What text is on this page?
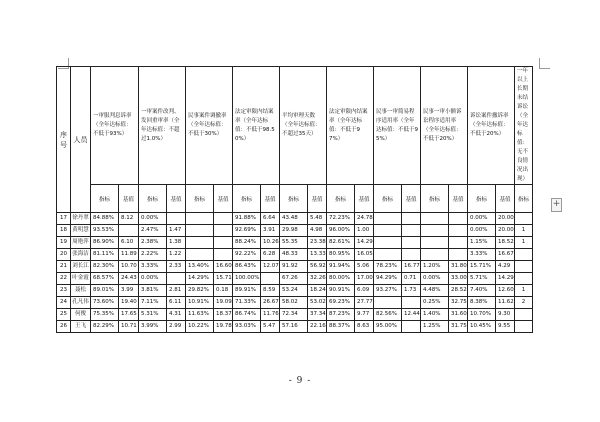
序号	人员	一审服判息诉率（全年达标值：不低于93%）		一审案件改判、发回重审率（全年达标值：不超过1.0%）		民事案件调撤率（全年达标值：不低于30%）		法定审限内结案率（全年达标值：不低于98.50%）		平均审理天数（全年达标值：不超过35天）		法定审限内结案率（全年达标值：不低于97%）		民事一审简易程序适用率（全年达标值：不低于95%）		民事一审小额诉讼程序适用率（全年达标值：不低于20%）		诉讼案件撤诉率（全年达标值：不低于20%）		一年以上长期未结诉讼（全年达标值：无不良情况出现）
		指标	基值	指标	基值	指标	基值	指标	基值	指标	基值	指标	基值	指标	基值	指标	基值	指标	基值	指标
17	徐丹翠	84.88%	8.12	0.00%				91.88%	6.64	43.48	5.48	72.23%	24.78					0.00%	20.00	
18	黄明慧	93.53%		2.47%	1.47			92.69%	3.91	29.98	4.98	96.00%	1.00					0.00%	20.00	1
19	周艳萍	86.90%	6.10	2.38%	1.38			88.24%	10.26	55.35	23.38	82.61%	14.29					1.15%	18.52	1
20	张海洁	81.11%	11.89	2.22%	1.22			92.22%	6.28	48.33	13.33	80.95%	16.05					3.33%	16.67	
21	刘长江	82.30%	10.70	3.33%	2.33	13.40%	16.60	86.43%	12.07	91.92	56.92	91.94%	5.06	78.23%	16.77	1.20%	31.80	15.71%	4.29	
22	叶金霞	68.57%	24.43	0.00%		14.29%	15.71	100.00%		67.26	32.26	80.00%	17.00	94.29%	0.71	0.00%	33.00	5.71%	14.29	
23	聂松	89.01%	3.99	3.81%	2.81	29.82%	0.18	89.91%	8.59	53.24	18.24	90.91%	6.09	93.27%	1.73	4.48%	28.52	7.40%	12.60	1
24	孔凡伟	73.60%	19.40	7.11%	6.11	10.91%	19.09	71.33%	26.67	58.02	53.02	69.23%	27.77			0.25%	32.75	8.38%	11.62	2
25	何俊	75.35%	17.65	5.31%	4.31	11.63%	18.37	86.74%	11.76	72.34	37.34	87.23%	9.77	82.56%	12.44	1.40%	31.60	10.70%	9.30	
26	王飞	82.29%	10.71	3.99%	2.99	10.22%	19.78	93.03%	5.47	57.16	22.16	88.37%	8.63	95.00%		1.25%	31.75	10.45%	9.55	
+
- 9 -
